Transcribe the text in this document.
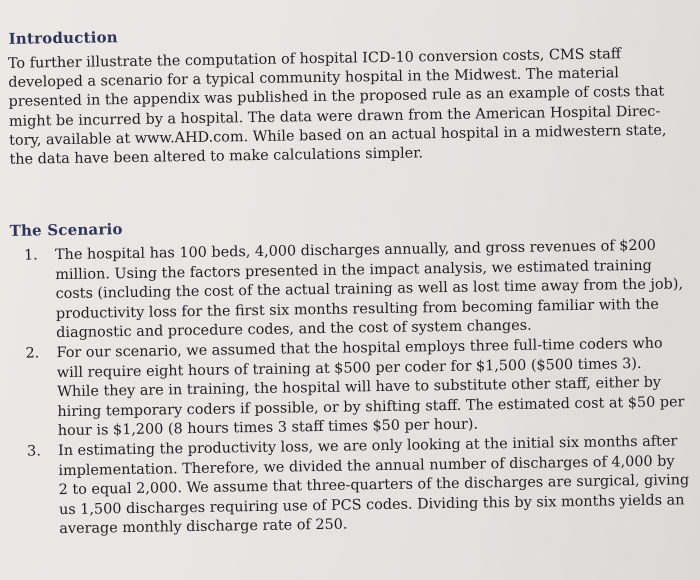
Introduction
To further illustrate the computation of hospital ICD-10 conversion costs, CMS staff
developed a scenario for a typical community hospital in the Midwest. The material
presented in the appendix was published in the proposed rule as an example of costs that
might be incurred by a hospital. The data were drawn from the American Hospital Direc-
tory, available at www.AHD.com. While based on an actual hospital in a midwestern state,
the data have been altered to make calculations simpler.
The Scenario
1. The hospital has 100 beds, 4,000 discharges annually, and gross revenues of $200
million. Using the factors presented in the impact analysis, we estimated training
costs (including the cost of the actual training as well as lost time away from the job),
productivity loss for the first six months resulting from becoming familiar with the
diagnostic and procedure codes, and the cost of system changes.
2. For our scenario, we assumed that the hospital employs three full-time coders who
will require eight hours of training at $500 per coder for $1,500 ($500 times 3).
While they are in training, the hospital will have to substitute other staff, either by
hiring temporary coders if possible, or by shifting staff. The estimated cost at $50 per
hour is $1,200 (8 hours times 3 staff times $50 per hour).
3. In estimating the productivity loss, we are only looking at the initial six months after
implementation. Therefore, we divided the annual number of discharges of 4,000 by
2 to equal 2,000. We assume that three-quarters of the discharges are surgical, giving
us 1,500 discharges requiring use of PCS codes. Dividing this by six months yields an
average monthly discharge rate of 250.
